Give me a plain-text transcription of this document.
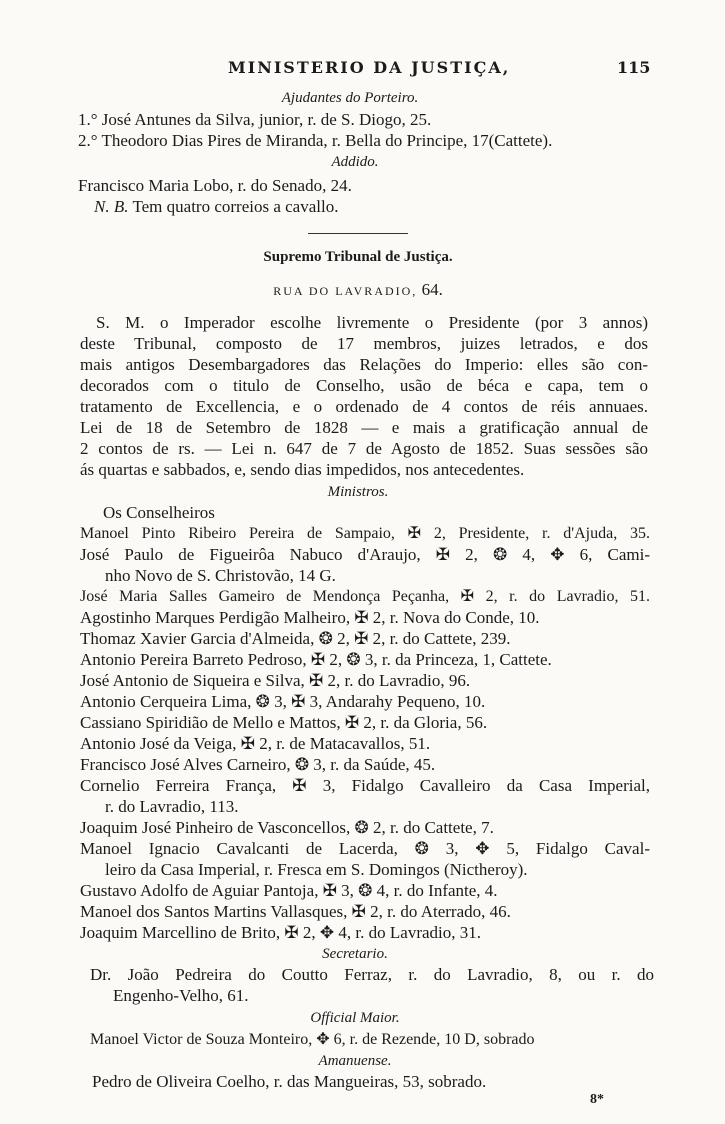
MINISTERIO DA JUSTIÇA,	115
Ajudantes do Porteiro.
1.° José Antunes da Silva, junior, r. de S. Diogo, 25.
2.° Theodoro Dias Pires de Miranda, r. Bella do Principe, 17(Cattete).
Addido.
Francisco Maria Lobo, r. do Senado, 24.
N. B. Tem quatro correios a cavallo.
Supremo Tribunal de Justiça.
RUA DO LAVRADIO, 64.
S. M. o Imperador escolhe livremente o Presidente (por 3 annos)
deste Tribunal, composto de 17 membros, juizes letrados, e dos
mais antigos Desembargadores das Relações do Imperio: elles são con-
decorados com o titulo de Conselho, usão de béca e capa, tem o
tratamento de Excellencia, e o ordenado de 4 contos de réis annuaes.
Lei de 18 de Setembro de 1828 — e mais a gratificação annual de
2 contos de rs. — Lei n. 647 de 7 de Agosto de 1852. Suas sessões são
ás quartas e sabbados, e, sendo dias impedidos, nos antecedentes.
Ministros.
Os Conselheiros
Manoel Pinto Ribeiro Pereira de Sampaio, ✠ 2, Presidente, r. d'Ajuda, 35.
José Paulo de Figueirôa Nabuco d'Araujo, ✠ 2, ❂ 4, ✥ 6, Cami-
nho Novo de S. Christovão, 14 G.
José Maria Salles Gameiro de Mendonça Peçanha, ✠ 2, r. do Lavradio, 51.
Agostinho Marques Perdigão Malheiro, ✠ 2, r. Nova do Conde, 10.
Thomaz Xavier Garcia d'Almeida, ❂ 2, ✠ 2, r. do Cattete, 239.
Antonio Pereira Barreto Pedroso, ✠ 2, ❂ 3, r. da Princeza, 1, Cattete.
José Antonio de Siqueira e Silva, ✠ 2, r. do Lavradio, 96.
Antonio Cerqueira Lima, ❂ 3, ✠ 3, Andarahy Pequeno, 10.
Cassiano Spiridião de Mello e Mattos, ✠ 2, r. da Gloria, 56.
Antonio José da Veiga, ✠ 2, r. de Matacavallos, 51.
Francisco José Alves Carneiro, ❂ 3, r. da Saúde, 45.
Cornelio Ferreira França, ✠ 3, Fidalgo Cavalleiro da Casa Imperial,
r. do Lavradio, 113.
Joaquim José Pinheiro de Vasconcellos, ❂ 2, r. do Cattete, 7.
Manoel Ignacio Cavalcanti de Lacerda, ❂ 3, ✥ 5, Fidalgo Caval-
leiro da Casa Imperial, r. Fresca em S. Domingos (Nictheroy).
Gustavo Adolfo de Aguiar Pantoja, ✠ 3, ❂ 4, r. do Infante, 4.
Manoel dos Santos Martins Vallasques, ✠ 2, r. do Aterrado, 46.
Joaquim Marcellino de Brito, ✠ 2, ✥ 4, r. do Lavradio, 31.
Secretario.
Dr. João Pedreira do Coutto Ferraz, r. do Lavradio, 8, ou r. do
Engenho-Velho, 61.
Official Maior.
Manoel Victor de Souza Monteiro, ✥ 6, r. de Rezende, 10 D, sobrado
Amanuense.
Pedro de Oliveira Coelho, r. das Mangueiras, 53, sobrado.
8*
